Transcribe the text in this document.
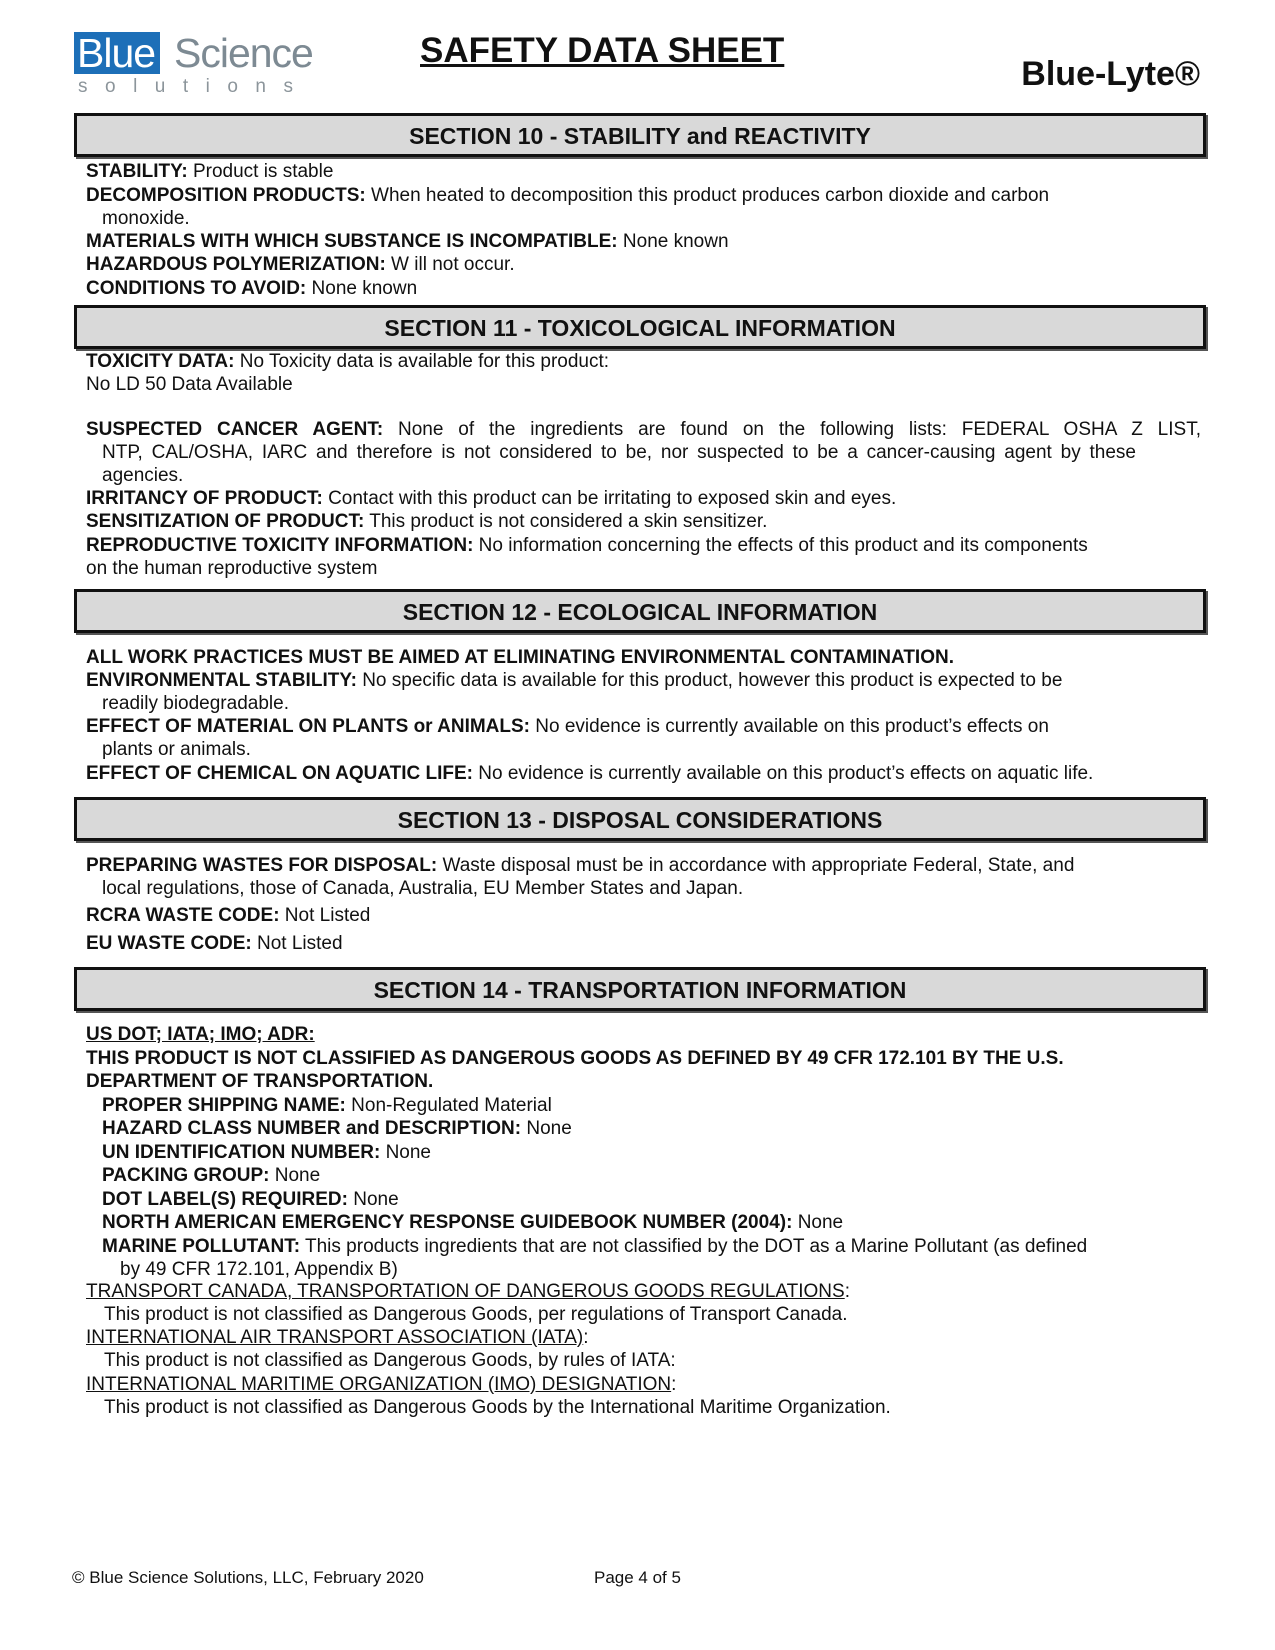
Blue Science
solutions
SAFETY DATA SHEET
Blue-Lyte®
SECTION 10 - STABILITY and REACTIVITY
STABILITY: Product is stable
DECOMPOSITION PRODUCTS: When heated to decomposition this product produces carbon dioxide and carbon
monoxide.
MATERIALS WITH WHICH SUBSTANCE IS INCOMPATIBLE: None known
HAZARDOUS POLYMERIZATION: W ill not occur.
CONDITIONS TO AVOID: None known
SECTION 11 - TOXICOLOGICAL INFORMATION
TOXICITY DATA: No Toxicity data is available for this product:
No LD 50 Data Available
SUSPECTED CANCER AGENT: None of the ingredients are found on the following lists: FEDERAL OSHA Z LIST,
NTP, CAL/OSHA, IARC and therefore is not considered to be, nor suspected to be a cancer-causing agent by these
agencies.
IRRITANCY OF PRODUCT: Contact with this product can be irritating to exposed skin and eyes.
SENSITIZATION OF PRODUCT: This product is not considered a skin sensitizer.
REPRODUCTIVE TOXICITY INFORMATION: No information concerning the effects of this product and its components
on the human reproductive system
SECTION 12 - ECOLOGICAL INFORMATION
ALL WORK PRACTICES MUST BE AIMED AT ELIMINATING ENVIRONMENTAL CONTAMINATION.
ENVIRONMENTAL STABILITY: No specific data is available for this product, however this product is expected to be
readily biodegradable.
EFFECT OF MATERIAL ON PLANTS or ANIMALS: No evidence is currently available on this product’s effects on
plants or animals.
EFFECT OF CHEMICAL ON AQUATIC LIFE: No evidence is currently available on this product’s effects on aquatic life.
SECTION 13 - DISPOSAL CONSIDERATIONS
PREPARING WASTES FOR DISPOSAL: Waste disposal must be in accordance with appropriate Federal, State, and
local regulations, those of Canada, Australia, EU Member States and Japan.
RCRA WASTE CODE: Not Listed
EU WASTE CODE: Not Listed
SECTION 14 - TRANSPORTATION INFORMATION
US DOT; IATA; IMO; ADR:
THIS PRODUCT IS NOT CLASSIFIED AS DANGEROUS GOODS AS DEFINED BY 49 CFR 172.101 BY THE U.S.
DEPARTMENT OF TRANSPORTATION.
PROPER SHIPPING NAME: Non-Regulated Material
HAZARD CLASS NUMBER and DESCRIPTION: None
UN IDENTIFICATION NUMBER: None
PACKING GROUP: None
DOT LABEL(S) REQUIRED: None
NORTH AMERICAN EMERGENCY RESPONSE GUIDEBOOK NUMBER (2004): None
MARINE POLLUTANT: This products ingredients that are not classified by the DOT as a Marine Pollutant (as defined
by 49 CFR 172.101, Appendix B)
TRANSPORT CANADA, TRANSPORTATION OF DANGEROUS GOODS REGULATIONS:
This product is not classified as Dangerous Goods, per regulations of Transport Canada.
INTERNATIONAL AIR TRANSPORT ASSOCIATION (IATA):
This product is not classified as Dangerous Goods, by rules of IATA:
INTERNATIONAL MARITIME ORGANIZATION (IMO) DESIGNATION:
This product is not classified as Dangerous Goods by the International Maritime Organization.
© Blue Science Solutions, LLC, February 2020	Page 4 of 5
